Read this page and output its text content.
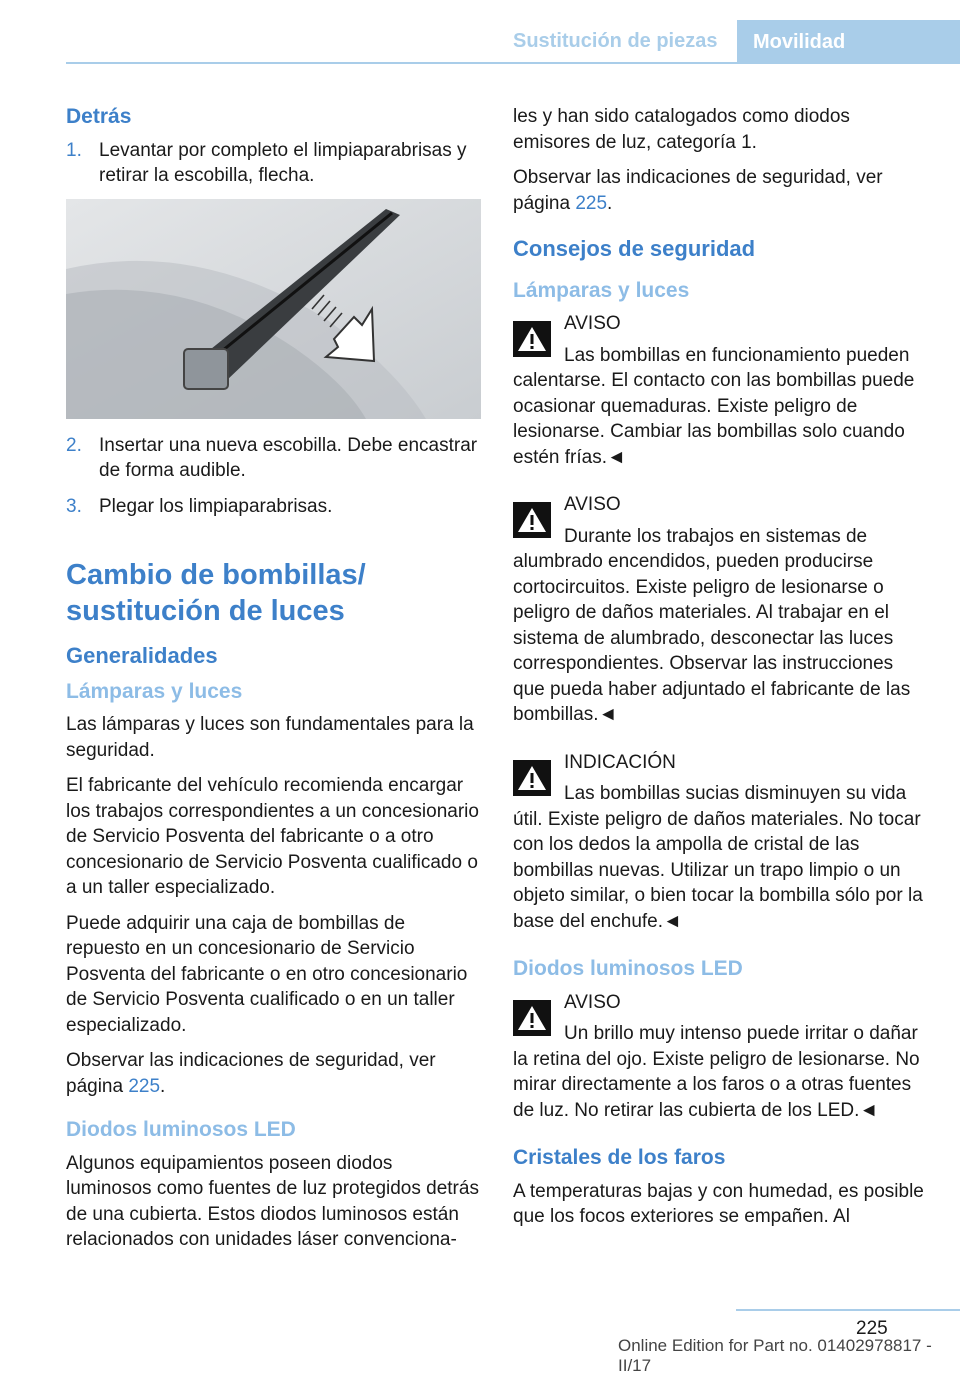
Sustitución de piezas	Movilidad
Detrás
1. Levantar por completo el limpiaparabrisas y retirar la escobilla, flecha.
2. Insertar una nueva escobilla. Debe encastrar de forma audible.
3. Plegar los limpiaparabrisas.
Cambio de bombillas/ sustitución de luces
Generalidades
Lámparas y luces

Las lámparas y luces son fundamentales para la seguridad.

El fabricante del vehículo recomienda encargar los trabajos correspondientes a un concesionario de Servicio Posventa del fabricante o a otro concesionario de Servicio Posventa cualificado o a un taller especializado.

Puede adquirir una caja de bombillas de repuesto en un concesionario de Servicio Posventa del fabricante o en otro concesionario de Servicio Posventa cualificado o en un taller especializado.

Observar las indicaciones de seguridad, ver página 225.

Diodos luminosos LED

Algunos equipamientos poseen diodos luminosos como fuentes de luz protegidos detrás de una cubierta. Estos diodos luminosos están relacionados con unidades láser convenciona-

les y han sido catalogados como diodos emisores de luz, categoría 1.

Observar las indicaciones de seguridad, ver página 225.

Consejos de seguridad
Lámparas y luces
AVISO

Las bombillas en funcionamiento pueden calentarse. El contacto con las bombillas puede ocasionar quemaduras. Existe peligro de lesionarse. Cambiar las bombillas solo cuando estén frías.◄

AVISO

Durante los trabajos en sistemas de alumbrado encendidos, pueden producirse cortocircuitos. Existe peligro de lesionarse o peligro de daños materiales. Al trabajar en el sistema de alumbrado, desconectar las luces correspondientes. Observar las instrucciones que pueda haber adjuntado el fabricante de las bombillas.◄

INDICACIÓN

Las bombillas sucias disminuyen su vida útil. Existe peligro de daños materiales. No tocar con los dedos la ampolla de cristal de las bombillas nuevas. Utilizar un trapo limpio o un objeto similar, o bien tocar la bombilla sólo por la base del enchufe.◄

Diodos luminosos LED
AVISO

Un brillo muy intenso puede irritar o dañar la retina del ojo. Existe peligro de lesionarse. No mirar directamente a los faros o a otras fuentes de luz. No retirar las cubierta de los LED.◄

Cristales de los faros

A temperaturas bajas y con humedad, es posible que los focos exteriores se empañen. Al

225
Online Edition for Part no. 01402978817 - II/17
